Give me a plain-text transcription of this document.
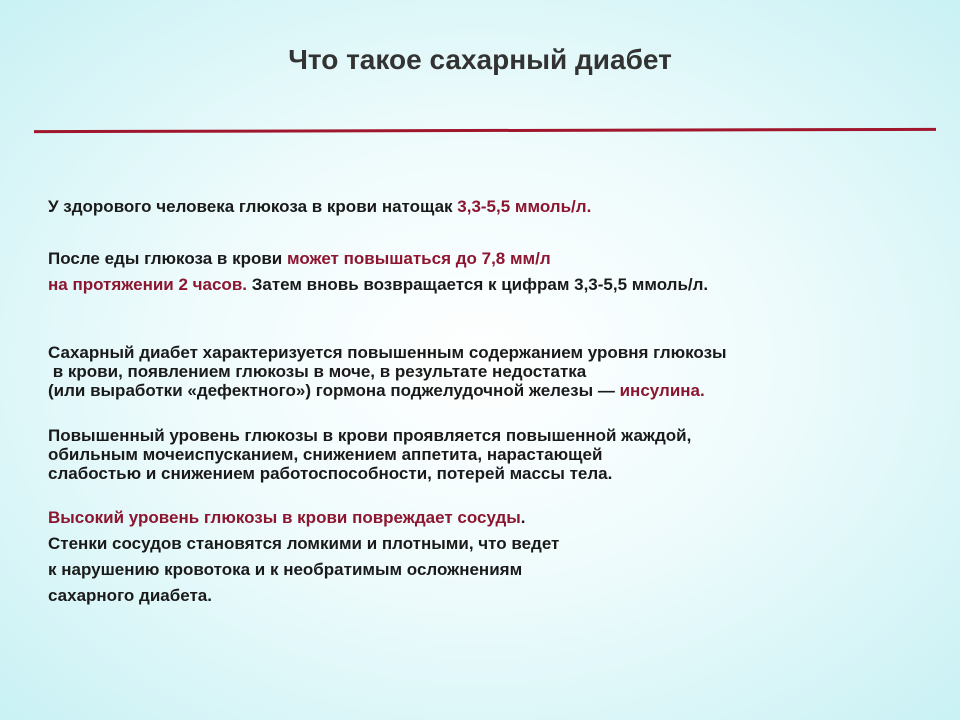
Что такое сахарный диабет

У здорового человека глюкоза в крови натощак 3,3-5,5 ммоль/л.

После еды глюкоза в крови может повышаться до 7,8 мм/л

на протяжении 2 часов. Затем вновь возвращается к цифрам 3,3-5,5 ммоль/л.

Сахарный диабет характеризуется повышенным содержанием уровня глюкозы
в крови, появлением глюкозы в моче, в результате недостатка
(или выработки «дефектного») гормона поджелудочной железы — инсулина.
Повышенный уровень глюкозы в крови проявляется повышенной жаждой,
обильным мочеиспусканием, снижением аппетита, нарастающей
слабостью и снижением работоспособности, потерей массы тела.
Высокий уровень глюкозы в крови повреждает сосуды.
Стенки сосудов становятся ломкими и плотными, что ведет
к нарушению кровотока и к необратимым осложнениям
сахарного диабета.
